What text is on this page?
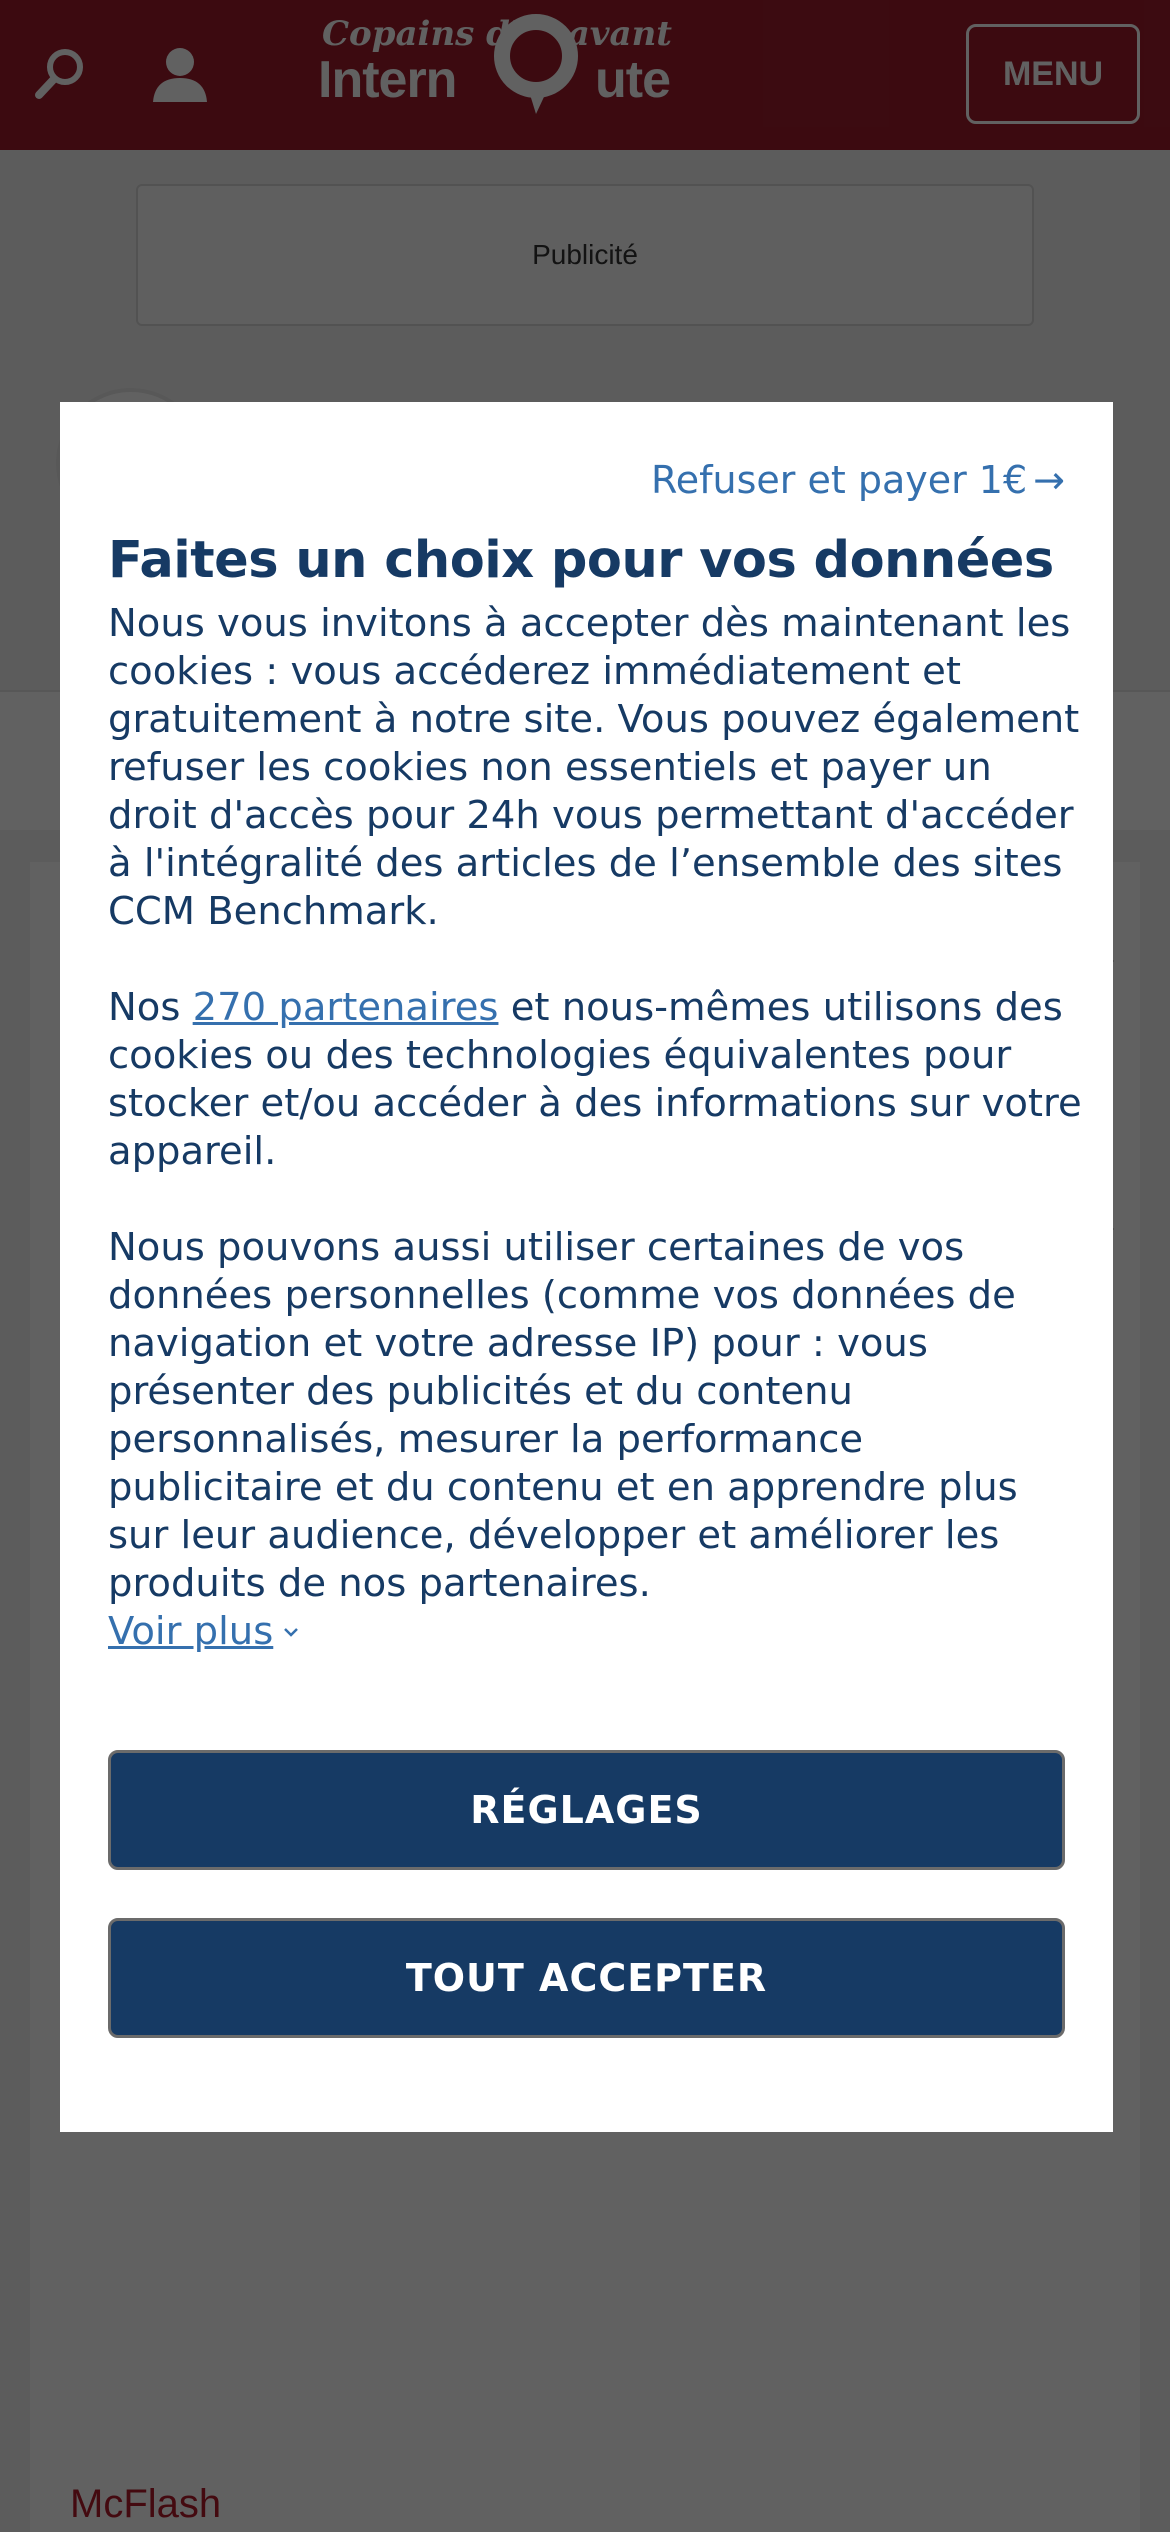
Refuser et payer 1€ →
Faites un choix pour vos données

Nous vous invitons à accepter dès maintenant les cookies : vous accéderez immédiatement et gratuitement à notre site. Vous pouvez également refuser les cookies non essentiels et payer un droit d'accès pour 24h vous permettant d'accéder à l'intégralité des articles de l’ensemble des sites CCM Benchmark.

Nos 270 partenaires et nous-mêmes utilisons des cookies ou des technologies équivalentes pour stocker et/ou accéder à des informations sur votre appareil.

Nous pouvons aussi utiliser certaines de vos données personnelles (comme vos données de navigation et votre adresse IP) pour : vous présenter des publicités et du contenu personnalisés, mesurer la performance publicitaire et du contenu et en apprendre plus sur leur audience, développer et améliorer les produits de nos partenaires.

Voir plus
RÉGLAGES
TOUT ACCEPTER
